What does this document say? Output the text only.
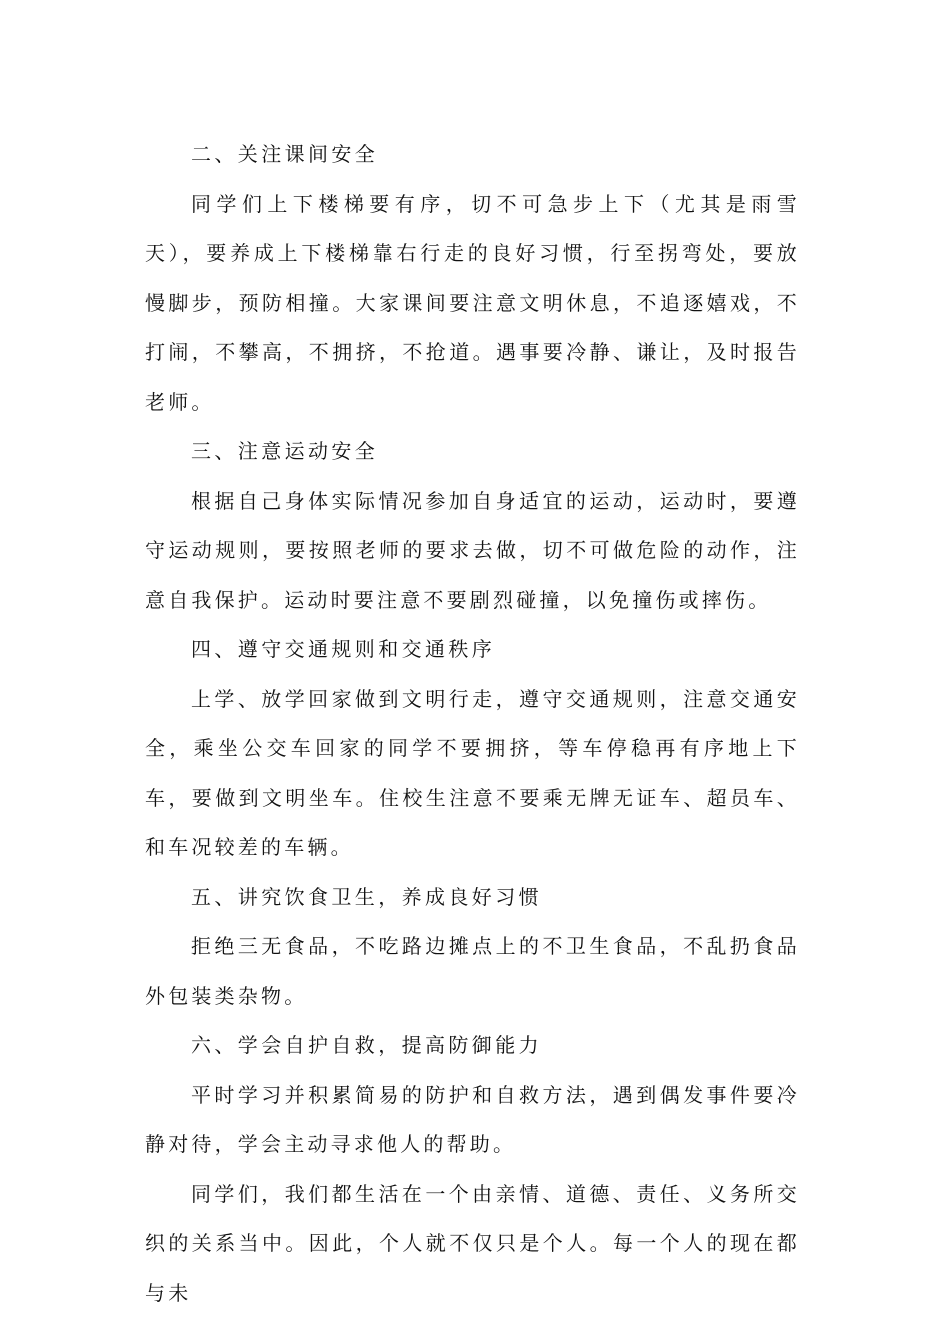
二、关注课间安全

同学们上下楼梯要有序，切不可急步上下（尤其是雨雪天），要养成上下楼梯靠右行走的良好习惯，行至拐弯处，要放慢脚步，预防相撞。大家课间要注意文明休息，不追逐嬉戏，不打闹，不攀高，不拥挤，不抢道。遇事要冷静、谦让，及时报告老师。

三、注意运动安全

根据自己身体实际情况参加自身适宜的运动，运动时，要遵守运动规则，要按照老师的要求去做，切不可做危险的动作，注意自我保护。运动时要注意不要剧烈碰撞，以免撞伤或摔伤。

四、遵守交通规则和交通秩序

上学、放学回家做到文明行走，遵守交通规则，注意交通安全，乘坐公交车回家的同学不要拥挤，等车停稳再有序地上下车，要做到文明坐车。住校生注意不要乘无牌无证车、超员车、和车况较差的车辆。

五、讲究饮食卫生，养成良好习惯

拒绝三无食品，不吃路边摊点上的不卫生食品，不乱扔食品外包装类杂物。

六、学会自护自救，提高防御能力

平时学习并积累简易的防护和自救方法，遇到偶发事件要冷静对待，学会主动寻求他人的帮助。

同学们，我们都生活在一个由亲情、道德、责任、义务所交织的关系当中。因此，个人就不仅只是个人。每一个人的现在都与未
